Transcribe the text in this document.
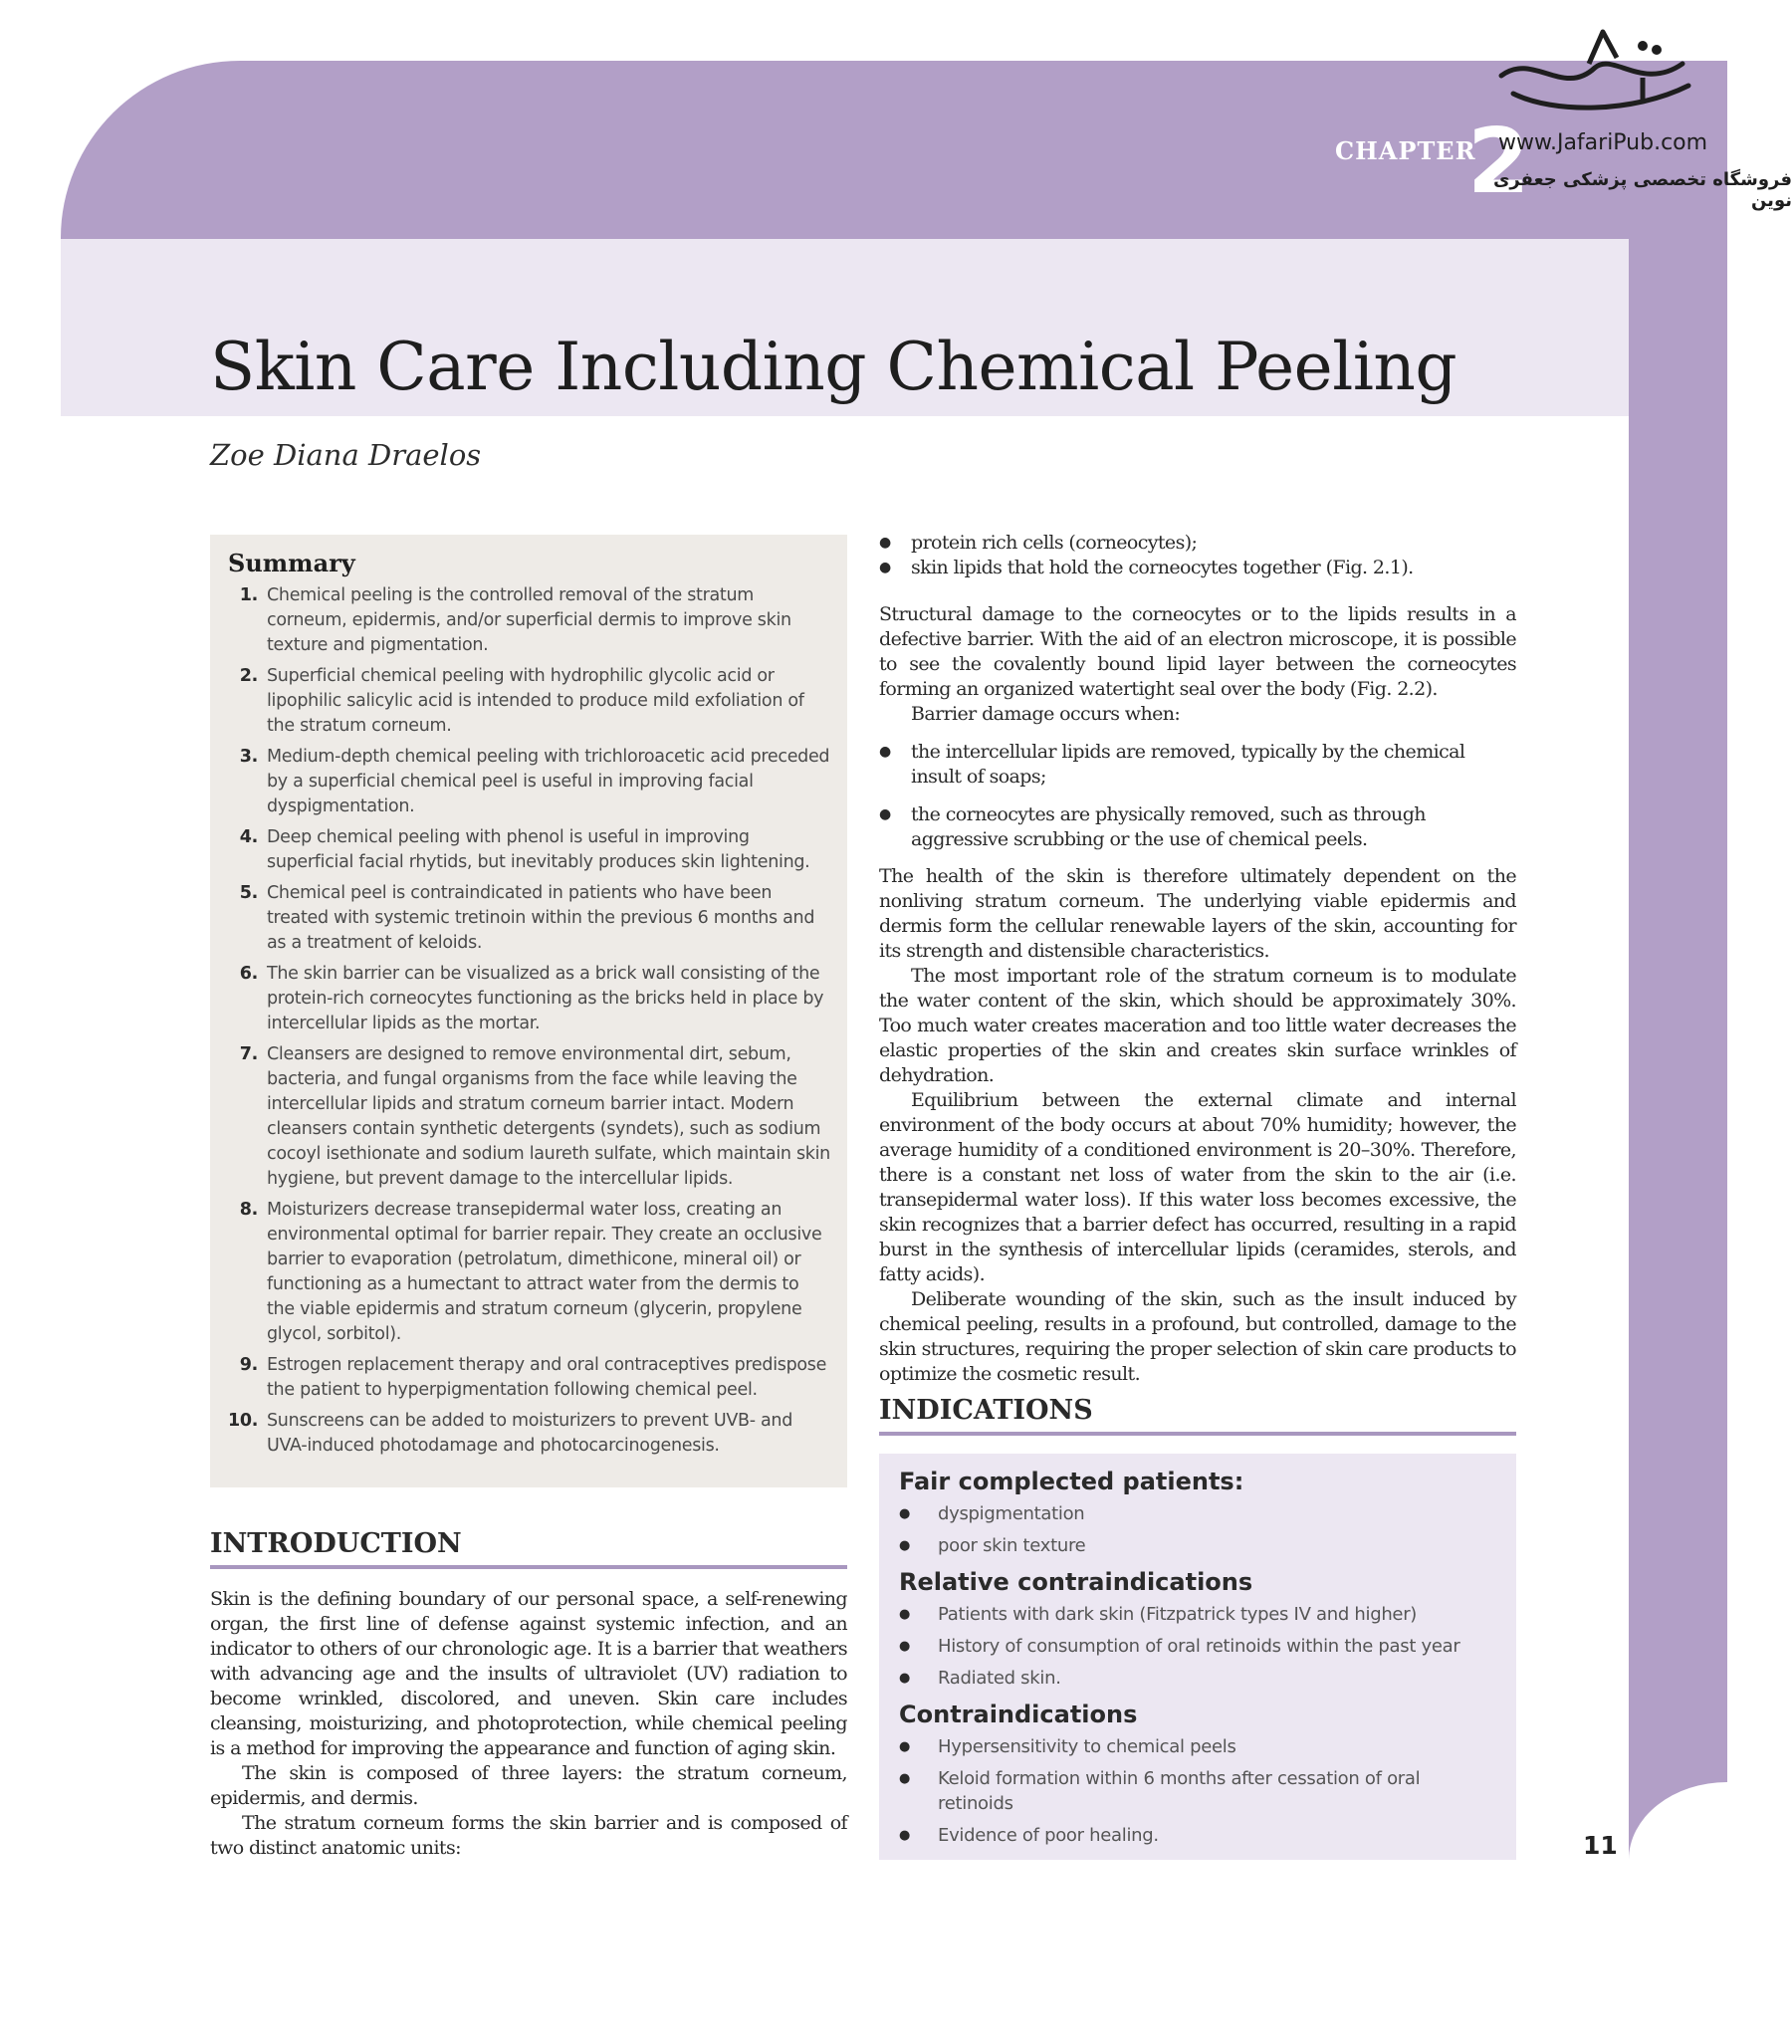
CHAPTER
2
www.JafariPub.com
فروشگاه تخصصی پزشکی جعفری نوین
Skin Care Including Chemical Peeling
Zoe Diana Draelos
Summary
1. Chemical peeling is the controlled removal of the stratum corneum, epidermis, and/or superficial dermis to improve skin texture and pigmentation.
2. Superficial chemical peeling with hydrophilic glycolic acid or lipophilic salicylic acid is intended to produce mild exfoliation of the stratum corneum.
3. Medium-depth chemical peeling with trichloroacetic acid preceded by a superficial chemical peel is useful in improving facial dyspigmentation.
4. Deep chemical peeling with phenol is useful in improving superficial facial rhytids, but inevitably produces skin lightening.
5. Chemical peel is contraindicated in patients who have been treated with systemic tretinoin within the previous 6 months and as a treatment of keloids.
6. The skin barrier can be visualized as a brick wall consisting of the protein-rich corneocytes functioning as the bricks held in place by intercellular lipids as the mortar.
7. Cleansers are designed to remove environmental dirt, sebum, bacteria, and fungal organisms from the face while leaving the intercellular lipids and stratum corneum barrier intact. Modern cleansers contain synthetic detergents (syndets), such as sodium cocoyl isethionate and sodium laureth sulfate, which maintain skin hygiene, but prevent damage to the intercellular lipids.
8. Moisturizers decrease transepidermal water loss, creating an environmental optimal for barrier repair. They create an occlusive barrier to evaporation (petrolatum, dimethicone, mineral oil) or functioning as a humectant to attract water from the dermis to the viable epidermis and stratum corneum (glycerin, propylene glycol, sorbitol).
9. Estrogen replacement therapy and oral contraceptives predispose the patient to hyperpigmentation following chemical peel.
10. Sunscreens can be added to moisturizers to prevent UVB- and UVA-induced photodamage and photocarcinogenesis.
INTRODUCTION

Skin is the defining boundary of our personal space, a self-renewing organ, the first line of defense against systemic infection, and an indicator to others of our chronologic age. It is a barrier that weathers with advancing age and the insults of ultraviolet (UV) radiation to become wrinkled, discolored, and uneven. Skin care includes cleansing, moisturizing, and photoprotection, while chemical peeling is a method for improving the appearance and function of aging skin.

The skin is composed of three layers: the stratum corneum, epidermis, and dermis.

The stratum corneum forms the skin barrier and is composed of two distinct anatomic units:

● protein rich cells (corneocytes);
● skin lipids that hold the corneocytes together (Fig. 2.1).

Structural damage to the corneocytes or to the lipids results in a defective barrier. With the aid of an electron microscope, it is possible to see the covalently bound lipid layer between the corneocytes forming an organized watertight seal over the body (Fig. 2.2).

Barrier damage occurs when:

● the intercellular lipids are removed, typically by the chemical insult of soaps;
● the corneocytes are physically removed, such as through aggressive scrubbing or the use of chemical peels.

The health of the skin is therefore ultimately dependent on the nonliving stratum corneum. The underlying viable epidermis and dermis form the cellular renewable layers of the skin, accounting for its strength and distensible characteristics.

The most important role of the stratum corneum is to modulate the water content of the skin, which should be approximately 30%. Too much water creates maceration and too little water decreases the elastic properties of the skin and creates skin surface wrinkles of dehydration.

Equilibrium between the external climate and internal environment of the body occurs at about 70% humidity; however, the average humidity of a conditioned environment is 20–30%. Therefore, there is a constant net loss of water from the skin to the air (i.e. transepidermal water loss). If this water loss becomes excessive, the skin recognizes that a barrier defect has occurred, resulting in a rapid burst in the synthesis of intercellular lipids (ceramides, sterols, and fatty acids).

Deliberate wounding of the skin, such as the insult induced by chemical peeling, results in a profound, but controlled, damage to the skin structures, requiring the proper selection of skin care products to optimize the cosmetic result.

INDICATIONS
Fair complected patients:
● dyspigmentation
● poor skin texture
Relative contraindications
● Patients with dark skin (Fitzpatrick types IV and higher)
● History of consumption of oral retinoids within the past year
● Radiated skin.
Contraindications
● Hypersensitivity to chemical peels
● Keloid formation within 6 months after cessation of oral retinoids
● Evidence of poor healing.	11
